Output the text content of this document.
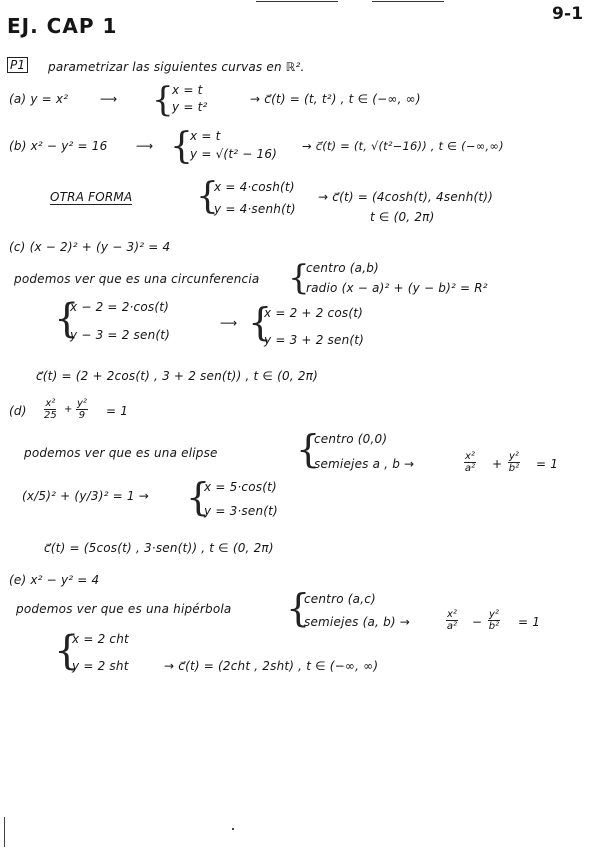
EJ. CAP 1	9-1
P1 parametrizar las siguientes curvas en ℝ².
(a) y = x²	⟶ {
x = t
y = t²
→ c⃗(t) = (t, t²) , t ∈ (−∞, ∞)
(b) x² − y² = 16 ⟶ {
x = t
y = √(t² − 16)
→ c⃗(t) = (t, √(t²−16)) , t ∈ (−∞,∞)
OTRA FORMA {
x = 4·cosh(t)
y = 4·senh(t)
→ c⃗(t) = (4cosh(t), 4senh(t))
t ∈ (0, 2π)
(c) (x − 2)² + (y − 3)² = 4
podemos ver que es una circunferencia {
centro (a,b)
radio (x − a)² + (y − b)² = R²
{
x − 2 = 2·cos(t)
y − 3 = 2 sen(t)
⟶ {
x = 2 + 2 cos(t)
y = 3 + 2 sen(t)
c⃗(t) = (2 + 2cos(t) , 3 + 2 sen(t)) , t ∈ (0, 2π)
$(d) \frac{\text{x²}}{25} + \frac{\text{y²}}{9} = 1$
podemos ver que es una elipse {
centro (0,0)
semiejes a , b →	$\frac{\text{x²}}{\text{a²}} + \frac{\text{y²}}{\text{b²}} = 1$
(x/5)² + (y/3)² = 1 → {
x = 5·cos(t)
y = 3·sen(t)
c⃗(t) = (5cos(t) , 3·sen(t)) , t ∈ (0, 2π)
(e) x² − y² = 4
podemos ver que es una hipérbola {
centro (a,c)
semiejes (a, b) →	$\frac{\text{x²}}{\text{a²}} - \frac{\text{y²}}{\text{b²}} = 1$
{
x = 2 cht
y = 2 sht	→ c⃗(t) = (2cht , 2sht) , t ∈ (−∞, ∞)
